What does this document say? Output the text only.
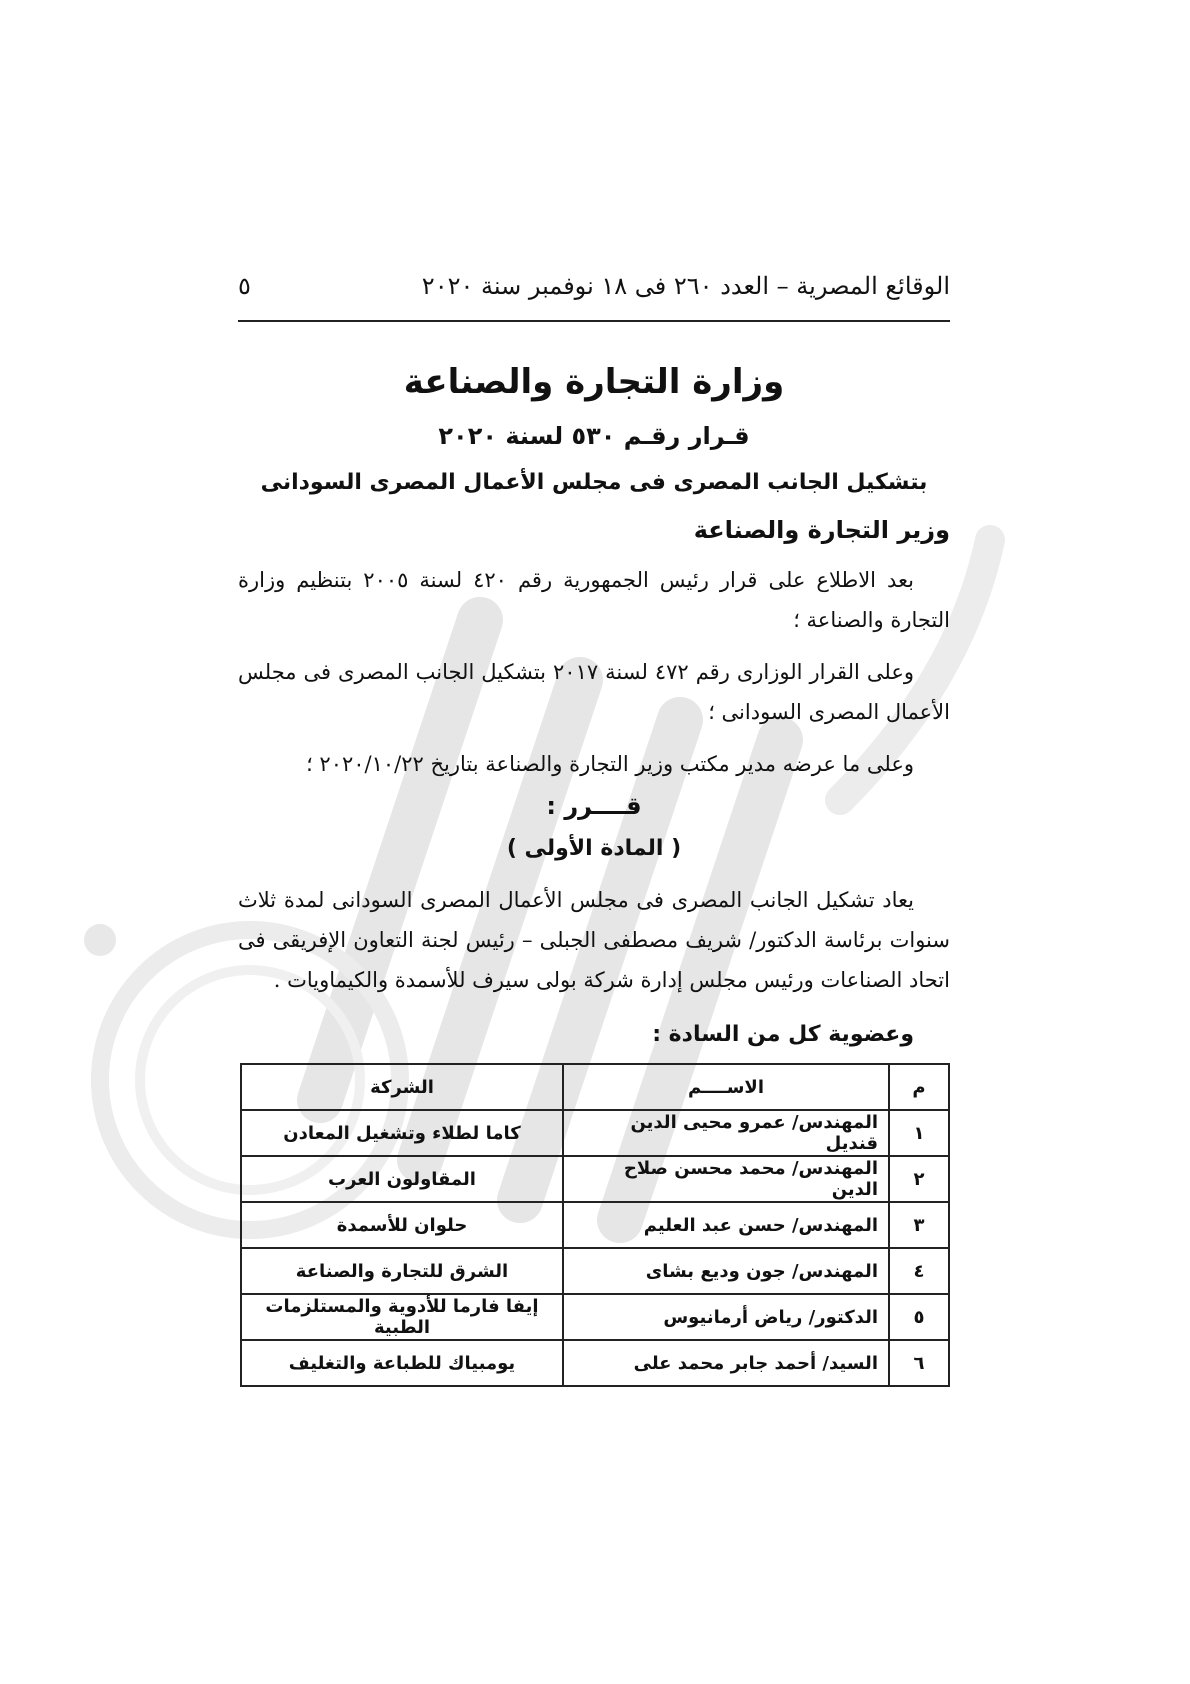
الوقائع المصرية – العدد ٢٦٠ فى ١٨ نوفمبر سنة ٢٠٢٠
٥
وزارة التجارة والصناعة
قـرار رقـم ٥٣٠ لسنة ٢٠٢٠
بتشكيل الجانب المصرى فى مجلس الأعمال المصرى السودانى
وزير التجارة والصناعة
بعد الاطلاع على قرار رئيس الجمهورية رقم ٤٢٠ لسنة ٢٠٠٥ بتنظيم وزارة التجارة والصناعة ؛
وعلى القرار الوزارى رقم ٤٧٢ لسنة ٢٠١٧ بتشكيل الجانب المصرى فى مجلس الأعمال المصرى السودانى ؛
وعلى ما عرضه مدير مكتب وزير التجارة والصناعة بتاريخ ٢٠٢٠/١٠/٢٢ ؛
قــــرر :
( المادة الأولى )
يعاد تشكيل الجانب المصرى فى مجلس الأعمال المصرى السودانى لمدة ثلاث سنوات برئاسة الدكتور/ شريف مصطفى الجبلى – رئيس لجنة التعاون الإفريقى فى اتحاد الصناعات ورئيس مجلس إدارة شركة بولى سيرف للأسمدة والكيماويات .
وعضوية كل من السادة :
م	الاســــم	الشركة
١	المهندس/ عمرو محيى الدين قنديل	كاما لطلاء وتشغيل المعادن
٢	المهندس/ محمد محسن صلاح الدين	المقاولون العرب
٣	المهندس/ حسن عبد العليم	حلوان للأسمدة
٤	المهندس/ جون وديع بشاى	الشرق للتجارة والصناعة
٥	الدكتور/ رياض أرمانيوس	إيفا فارما للأدوية والمستلزمات الطبية
٦	السيد/ أحمد جابر محمد على	يومبياك للطباعة والتغليف
